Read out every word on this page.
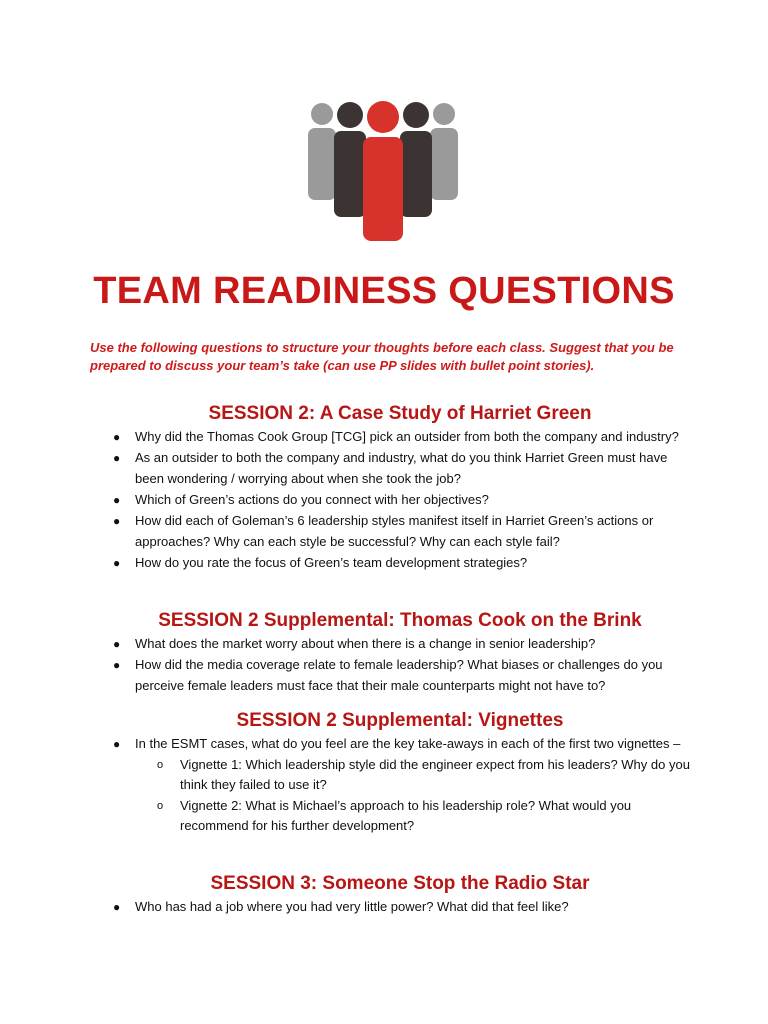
TEAM READINESS QUESTIONS
Use the following questions to structure your thoughts before each class. Suggest that you be prepared to discuss your team’s take (can use PP slides with bullet point stories).
SESSION 2: A Case Study of Harriet Green
● Why did the Thomas Cook Group [TCG] pick an outsider from both the company and industry?
● As an outsider to both the company and industry, what do you think Harriet Green must have been wondering / worrying about when she took the job?
● Which of Green’s actions do you connect with her objectives?
● How did each of Goleman’s 6 leadership styles manifest itself in Harriet Green’s actions or approaches? Why can each style be successful? Why can each style fail?
● How do you rate the focus of Green’s team development strategies?
SESSION 2 Supplemental: Thomas Cook on the Brink
● What does the market worry about when there is a change in senior leadership?
● How did the media coverage relate to female leadership? What biases or challenges do you perceive female leaders must face that their male counterparts might not have to?
SESSION 2 Supplemental: Vignettes
● In the ESMT cases, what do you feel are the key take-aways in each of the first two vignettes –
o Vignette 1: Which leadership style did the engineer expect from his leaders? Why do you think they failed to use it?
o Vignette 2: What is Michael’s approach to his leadership role? What would you recommend for his further development?
SESSION 3: Someone Stop the Radio Star
● Who has had a job where you had very little power? What did that feel like?
